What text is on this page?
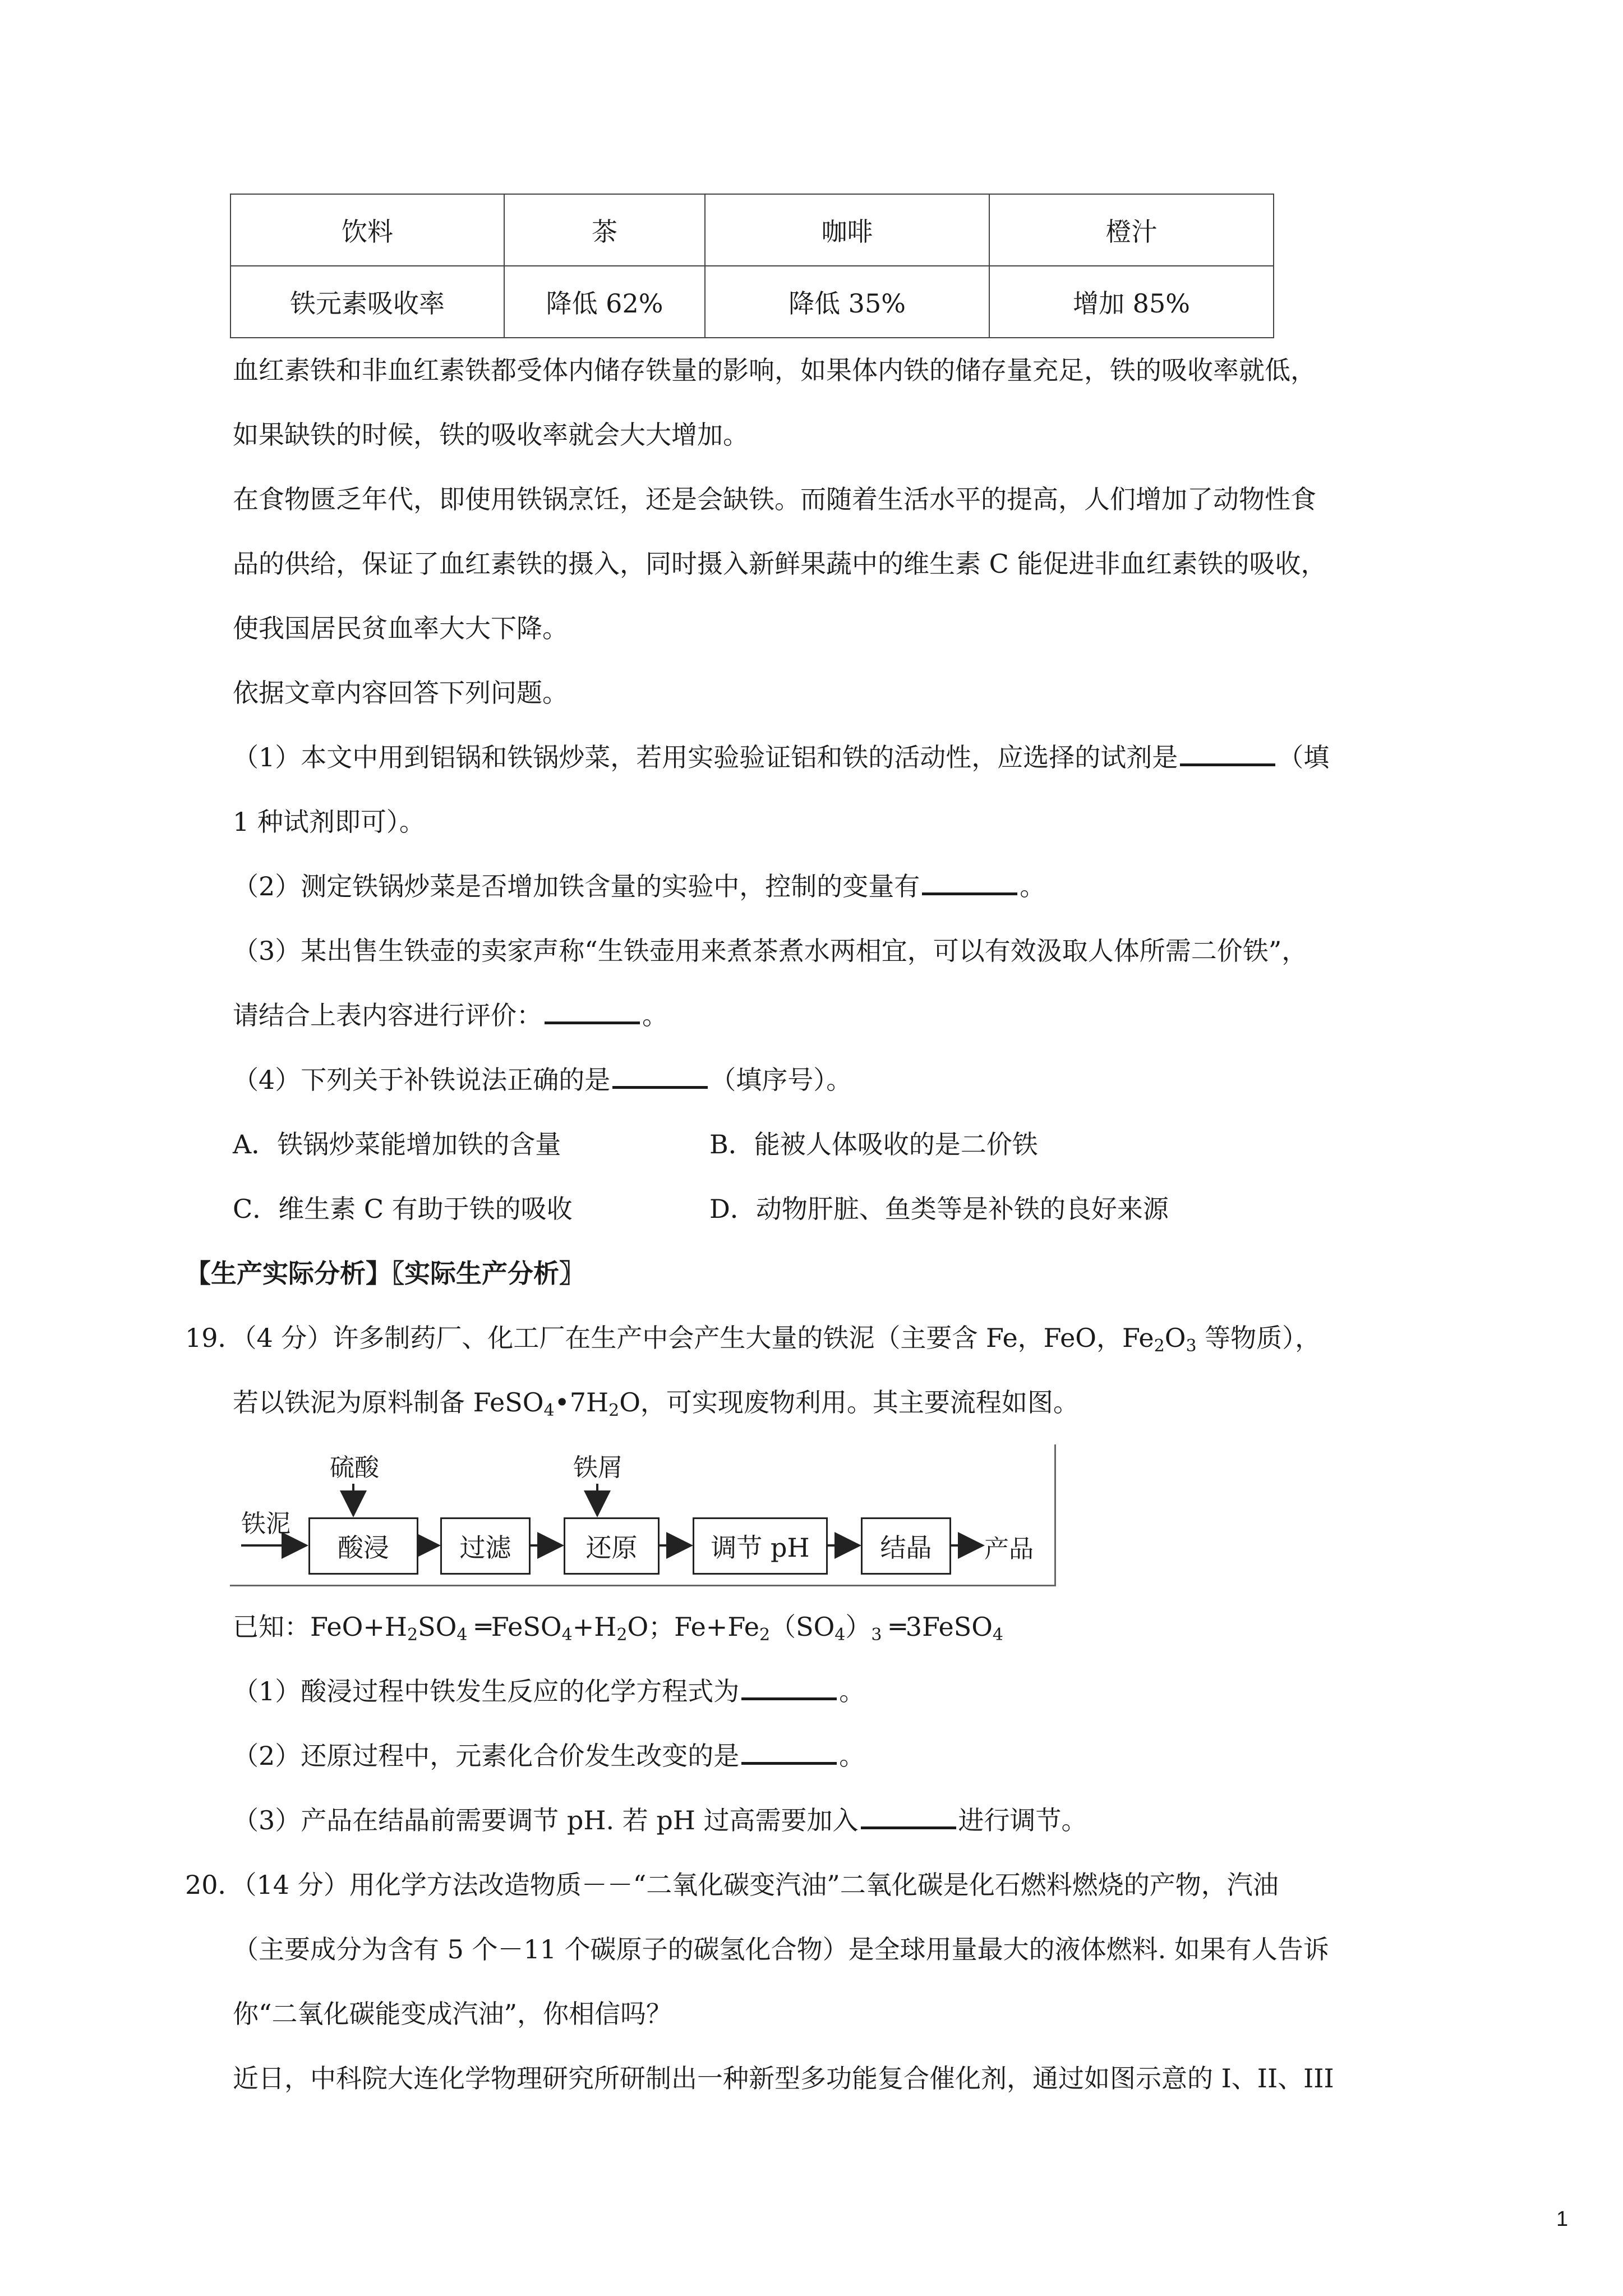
饮料	茶	咖啡	橙汁
铁元素吸收率	降低 62%	降低 35%	增加 85%
血红素铁和非血红素铁都受体内储存铁量的影响，如果体内铁的储存量充足，铁的吸收率就低，
如果缺铁的时候，铁的吸收率就会大大增加。
在食物匮乏年代，即使用铁锅烹饪，还是会缺铁。而随着生活水平的提高，人们增加了动物性食
品的供给，保证了血红素铁的摄入，同时摄入新鲜果蔬中的维生素 C 能促进非血红素铁的吸收，
使我国居民贫血率大大下降。
依据文章内容回答下列问题。
（1）本文中用到铝锅和铁锅炒菜，若用实验验证铝和铁的活动性，应选择的试剂是	（填
1 种试剂即可）。
（2）测定铁锅炒菜是否增加铁含量的实验中，控制的变量有	。
（3）某出售生铁壶的卖家声称“生铁壶用来煮茶煮水两相宜，可以有效汲取人体所需二价铁”，
请结合上表内容进行评价：	。
（4）下列关于补铁说法正确的是	（填序号）。
A．铁锅炒菜能增加铁的含量	B．能被人体吸收的是二价铁
C．维生素 C 有助于铁的吸收	D．动物肝脏、鱼类等是补铁的良好来源
【生产实际分析】〖实际生产分析〗
19．（4 分）许多制药厂、化工厂在生产中会产生大量的铁泥（主要含 Fe，FeO，$Fe_2O_3$ 等物质），
若以铁泥为原料制备 $FeSO_4•7H_2O$，可实现废物利用。其主要流程如图。
铁泥
硫酸	铁屑
酸浸	过滤	还原	调节 pH	结晶	产品
已知：$FeO+H_2SO_4$ $═FeSO_4+H_2O$；$Fe+Fe_2(SO_4)_3$ ═3FeSO$_4$
（1）酸浸过程中铁发生反应的化学方程式为	。
（2）还原过程中，元素化合价发生改变的是	。
（3）产品在结晶前需要调节 pH. 若 pH 过高需要加入	进行调节。
20．（14 分）用化学方法改造物质－－“二氧化碳变汽油”二氧化碳是化石燃料燃烧的产物，汽油
（主要成分为含有 5 个－11 个碳原子的碳氢化合物）是全球用量最大的液体燃料. 如果有人告诉
你“二氧化碳能变成汽油”，你相信吗？
近日，中科院大连化学物理研究所研制出一种新型多功能复合催化剂，通过如图示意的 I、II、III
1
